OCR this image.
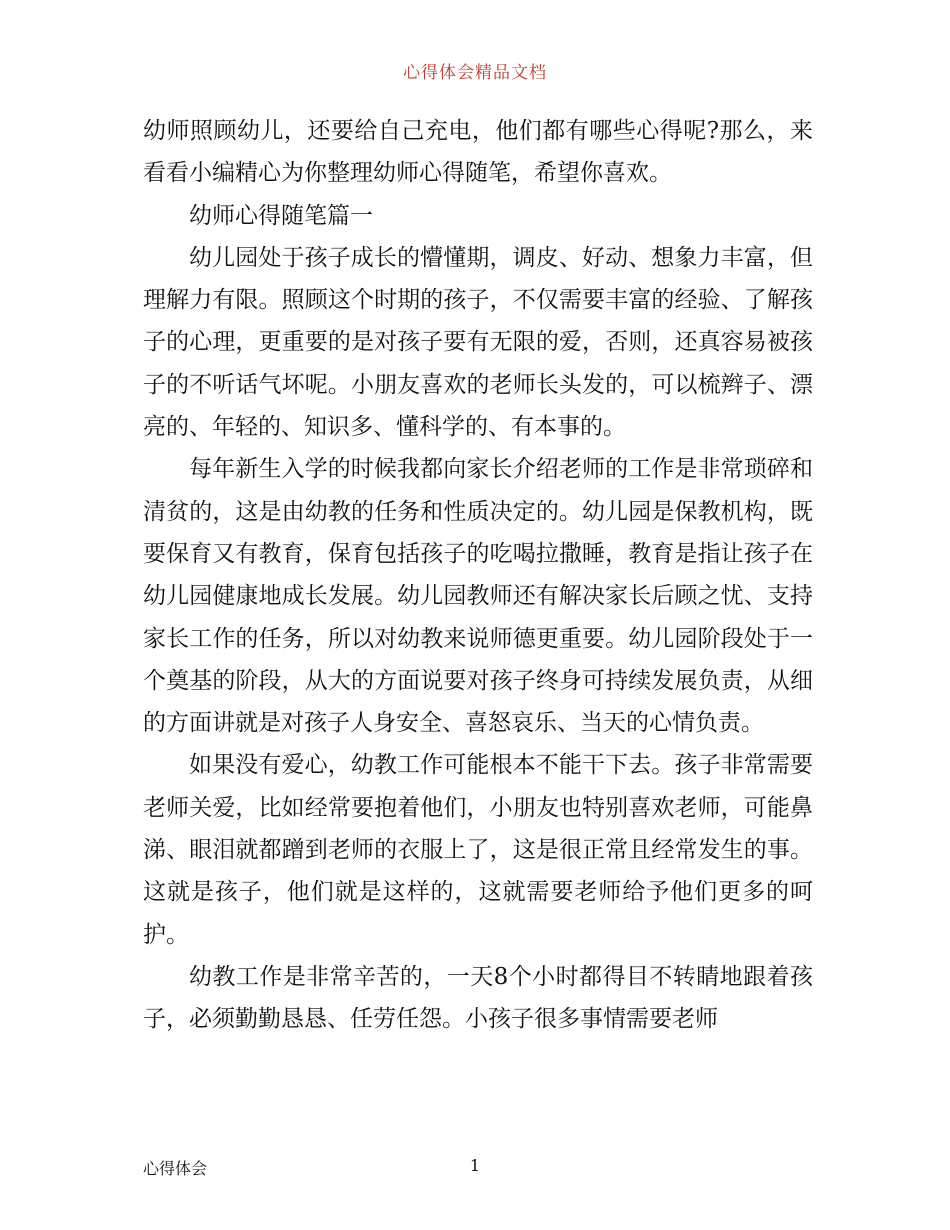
心得体会精品文档

幼师照顾幼儿，还要给自己充电，他们都有哪些心得呢?那么，来看看小编精心为你整理幼师心得随笔，希望你喜欢。

幼师心得随笔篇一

幼儿园处于孩子成长的懵懂期，调皮、好动、想象力丰富，但理解力有限。照顾这个时期的孩子，不仅需要丰富的经验、了解孩子的心理，更重要的是对孩子要有无限的爱，否则，还真容易被孩子的不听话气坏呢。小朋友喜欢的老师长头发的，可以梳辫子、漂亮的、年轻的、知识多、懂科学的、有本事的。

每年新生入学的时候我都向家长介绍老师的工作是非常琐碎和清贫的，这是由幼教的任务和性质决定的。幼儿园是保教机构，既要保育又有教育，保育包括孩子的吃喝拉撒睡，教育是指让孩子在幼儿园健康地成长发展。幼儿园教师还有解决家长后顾之忧、支持家长工作的任务，所以对幼教来说师德更重要。幼儿园阶段处于一个奠基的阶段，从大的方面说要对孩子终身可持续发展负责，从细的方面讲就是对孩子人身安全、喜怒哀乐、当天的心情负责。

如果没有爱心，幼教工作可能根本不能干下去。孩子非常需要老师关爱，比如经常要抱着他们，小朋友也特别喜欢老师，可能鼻涕、眼泪就都蹭到老师的衣服上了，这是很正常且经常发生的事。这就是孩子，他们就是这样的，这就需要老师给予他们更多的呵护。

幼教工作是非常辛苦的，一天8个小时都得目不转睛地跟着孩子，必须勤勤恳恳、任劳任怨。小孩子很多事情需要老师

心得体会	1
